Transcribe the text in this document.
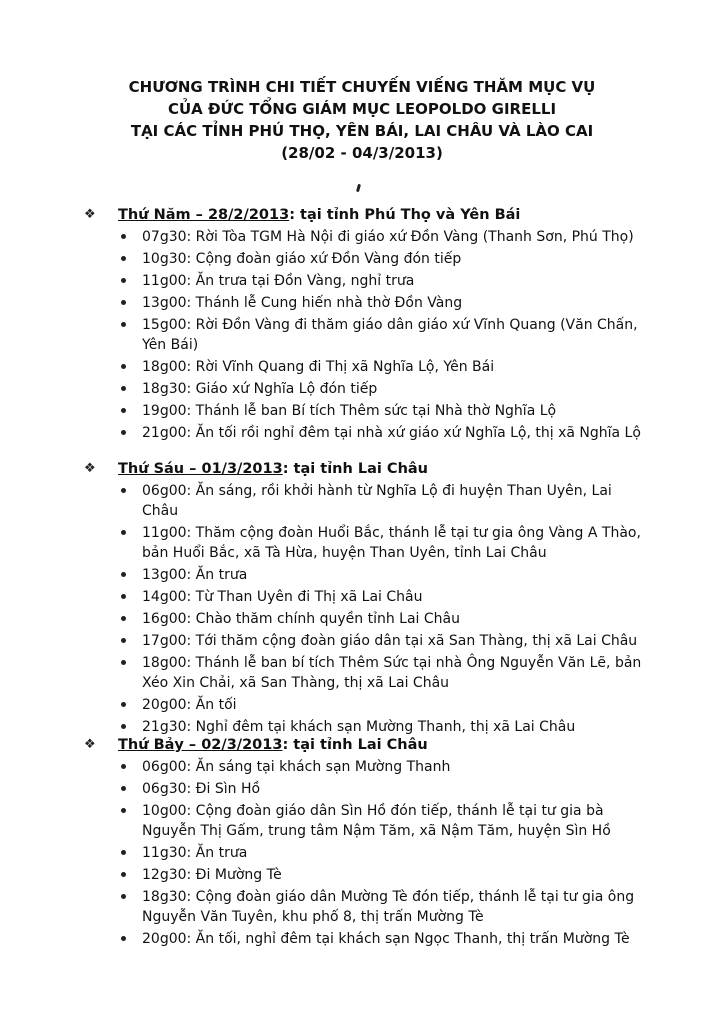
CHƯƠNG TRÌNH CHI TIẾT CHUYẾN VIẾNG THĂM MỤC VỤ
CỦA ĐỨC TỔNG GIÁM MỤC LEOPOLDO GIRELLI
TẠI CÁC TỈNH PHÚ THỌ, YÊN BÁI, LAI CHÂU VÀ LÀO CAI
(28/02 - 04/3/2013)
❖ Thứ Năm – 28/2/2013: tại tỉnh Phú Thọ và Yên Bái
07g30: Rời Tòa TGM Hà Nội đi giáo xứ Đồn Vàng (Thanh Sơn, Phú Thọ)
10g30: Cộng đoàn giáo xứ Đồn Vàng đón tiếp
11g00: Ăn trưa tại Đồn Vàng, nghỉ trưa
13g00: Thánh lễ Cung hiến nhà thờ Đồn Vàng
15g00: Rời Đồn Vàng đi thăm giáo dân giáo xứ Vĩnh Quang (Văn Chấn, Yên Bái)
18g00: Rời Vĩnh Quang đi Thị xã Nghĩa Lộ, Yên Bái
18g30: Giáo xứ Nghĩa Lộ đón tiếp
19g00: Thánh lễ ban Bí tích Thêm sức tại Nhà thờ Nghĩa Lộ
21g00: Ăn tối rồi nghỉ đêm tại nhà xứ giáo xứ Nghĩa Lộ, thị xã Nghĩa Lộ
❖ Thứ Sáu – 01/3/2013: tại tỉnh Lai Châu
06g00: Ăn sáng, rồi khởi hành từ Nghĩa Lộ đi huyện Than Uyên, Lai Châu
11g00: Thăm cộng đoàn Huổi Bắc, thánh lễ tại tư gia ông Vàng A Thào, bản Huổi Bắc, xã Tà Hừa, huyện Than Uyên, tỉnh Lai Châu
13g00: Ăn trưa
14g00: Từ Than Uyên đi Thị xã Lai Châu
16g00: Chào thăm chính quyền tỉnh Lai Châu
17g00: Tới thăm cộng đoàn giáo dân tại xã San Thàng, thị xã Lai Châu
18g00: Thánh lễ ban bí tích Thêm Sức tại nhà Ông Nguyễn Văn Lẽ, bản Xéo Xin Chải, xã San Thàng, thị xã Lai Châu
20g00: Ăn tối
21g30: Nghỉ đêm tại khách sạn Mường Thanh, thị xã Lai Châu
❖ Thứ Bảy – 02/3/2013: tại tỉnh Lai Châu
06g00: Ăn sáng tại khách sạn Mường Thanh
06g30: Đi Sìn Hồ
10g00: Cộng đoàn giáo dân Sìn Hồ đón tiếp, thánh lễ tại tư gia bà Nguyễn Thị Gấm, trung tâm Nậm Tăm, xã Nậm Tăm, huyện Sìn Hồ
11g30: Ăn trưa
12g30: Đi Mường Tè
18g30: Cộng đoàn giáo dân Mường Tè đón tiếp, thánh lễ tại tư gia ông Nguyễn Văn Tuyên, khu phố 8, thị trấn Mường Tè
20g00: Ăn tối, nghỉ đêm tại khách sạn Ngọc Thanh, thị trấn Mường Tè
